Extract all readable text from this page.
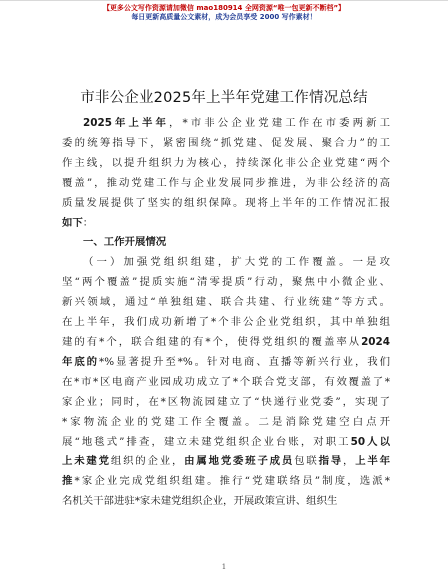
【更多公文写作资源请加微信 mao180914 全网资源“唯一包更新不断档”】
每日更新高质量公文素材，成为会员享受 2000 写作素材！
市非公企业2025年上半年党建工作情况总结
2025年上半年，*市非公企业党建工作在市委两新工
委的统筹指导下，紧密围绕“抓党建、促发展、聚合力”的工
作主线，以提升组织力为核心，持续深化非公企业党建“两个
覆盖”，推动党建工作与企业发展同步推进，为非公经济的高
质量发展提供了坚实的组织保障。现将上半年的工作情况汇报
如下：
一、工作开展情况
（一）加强党组织组建，扩大党的工作覆盖。一是攻
坚“两个覆盖”提质实施“清零提质”行动，聚焦中小微企业、
新兴领域，通过“单独组建、联合共建、行业统建”等方式。
在上半年，我们成功新增了*个非公企业党组织，其中单独组
建的有*个，联合组建的有*个，使得党组织的覆盖率从2024
年底的*%显著提升至*%。针对电商、直播等新兴行业，我们
在*市*区电商产业园成功成立了*个联合党支部，有效覆盖了*
家企业；同时，在*区物流园建立了“快递行业党委”，实现了
*家物流企业的党建工作全覆盖。二是消除党建空白点开
展“地毯式”排查，建立未建党组织企业台账，对职工50人以
上未建党组织的企业，由属地党委班子成员包联指导，上半年
推*家企业完成党组织组建。推行“党建联络员”制度，选派*
名机关干部进驻*家未建党组织企业，开展政策宣讲、组织生
1
